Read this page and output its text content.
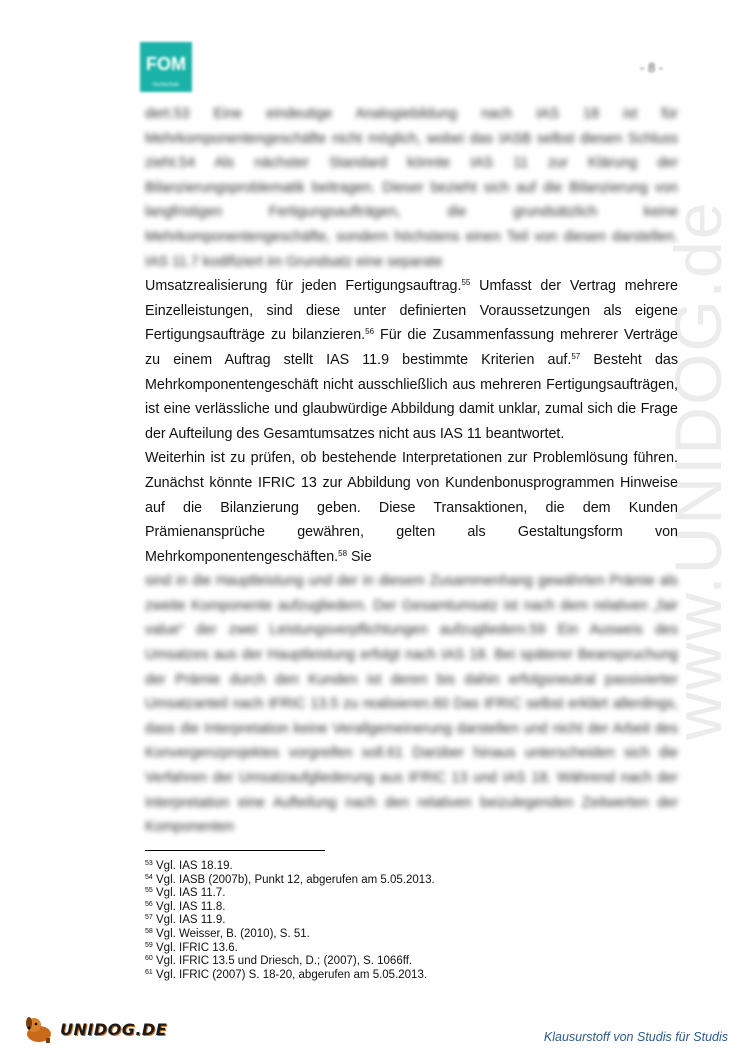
FOM
Hochschule
- 8 -
www.UNIDOG.de

dert.53 Eine eindeutige Analogiebildung nach IAS 18 ist für Mehrkomponentengeschäfte nicht möglich, wobei das IASB selbst diesen Schluss zieht.54 Als nächster Standard könnte IAS 11 zur Klärung der Bilanzierungsproblematik beitragen. Dieser bezieht sich auf die Bilanzierung von langfristigen Fertigungsaufträgen, die grundsätzlich keine Mehrkomponentengeschäfte, sondern höchstens einen Teil von diesen darstellen. IAS 11.7 kodifiziert im Grundsatz eine separate

Umsatzrealisierung für jeden Fertigungsauftrag.$^{55}$ Umfasst der Vertrag mehrere Einzelleistungen, sind diese unter definierten Voraussetzungen als eigene Fertigungsaufträge zu bilanzieren.$^{56}$ Für die Zusammenfassung mehrerer Verträge zu einem Auftrag stellt IAS 11.9 bestimmte Kriterien auf.$^{57}$ Besteht das Mehrkomponentengeschäft nicht ausschließlich aus mehreren Fertigungsaufträgen, ist eine verlässliche und glaubwürdige Abbildung damit unklar, zumal sich die Frage der Aufteilung des Gesamtumsatzes nicht aus IAS 11 beantwortet.

Weiterhin ist zu prüfen, ob bestehende Interpretationen zur Problemlösung führen. Zunächst könnte IFRIC 13 zur Abbildung von Kundenbonusprogrammen Hinweise auf die Bilanzierung geben. Diese Transaktionen, die dem Kunden Prämienansprüche gewähren, gelten als Gestaltungsform von Mehrkomponentengeschäften.$^{58}$ Sie

sind in die Hauptleistung und der in diesem Zusammenhang gewährten Prämie als zweite Komponente aufzugliedern. Der Gesamtumsatz ist nach dem relativen „fair value“ der zwei Leistungsverpflichtungen aufzugliedern.59 Ein Ausweis des Umsatzes aus der Hauptleistung erfolgt nach IAS 18. Bei späterer Beanspruchung der Prämie durch den Kunden ist deren bis dahin erfolgsneutral passivierter Umsatzanteil nach IFRIC 13.5 zu realisieren.60 Das IFRIC selbst erklärt allerdings, dass die Interpretation keine Verallgemeinerung darstellen und nicht der Arbeit des Konvergenzprojektes vorgreifen soll.61 Darüber hinaus unterscheiden sich die Verfahren der Umsatzaufgliederung aus IFRIC 13 und IAS 18. Während nach der Interpretation eine Aufteilung nach den relativen beizulegenden Zeitwerten der Komponenten

$^{53}$ Vgl. IAS 18.19.
$^{54}$ Vgl. IASB (2007b), Punkt 12, abgerufen am 5.05.2013.
$^{55}$ Vgl. IAS 11.7.
$^{56}$ Vgl. IAS 11.8.
$^{57}$ Vgl. IAS 11.9.
$^{58}$ Vgl. Weisser, B. (2010), S. 51.
$^{59}$ Vgl. IFRIC 13.6.
$^{60}$ Vgl. IFRIC 13.5 und Driesch, D.; (2007), S. 1066ff.
$^{61}$ Vgl. IFRIC (2007) S. 18-20, abgerufen am 5.05.2013.
UNIDOG.DE	Klausurstoff von Studis für Studis
